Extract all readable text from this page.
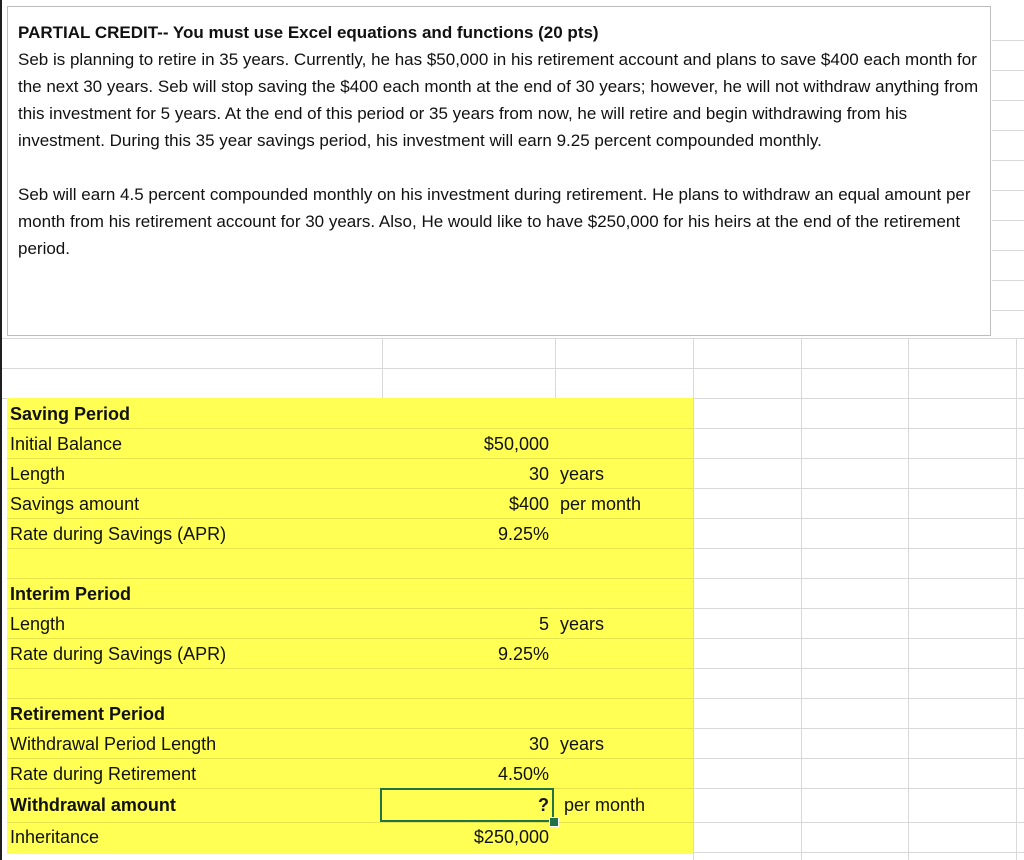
PARTIAL CREDIT-- You must use Excel equations and functions (20 pts)

Seb is planning to retire in 35 years. Currently, he has $50,000 in his retirement account and plans to save $400 each month for the next 30 years. Seb will stop saving the $400 each month at the end of 30 years; however, he will not withdraw anything from this investment for 5 years. At the end of this period or 35 years from now, he will retire and begin withdrawing from his investment. During this 35 year savings period, his investment will earn 9.25 percent compounded monthly.

Seb will earn 4.5 percent compounded monthly on his investment during retirement. He plans to withdraw an equal amount per month from his retirement account for 30 years. Also, He would like to have $250,000 for his heirs at the end of the retirement period.

Saving Period
Initial Balance	$50,000
Length	30 years
Savings amount	$400 per month
Rate during Savings (APR)	9.25%
Interim Period
Length	5 years
Rate during Savings (APR)	9.25%
Retirement Period
Withdrawal Period Length	30 years
Rate during Retirement	4.50%
Withdrawal amount	? per month
Inheritance	$250,000
